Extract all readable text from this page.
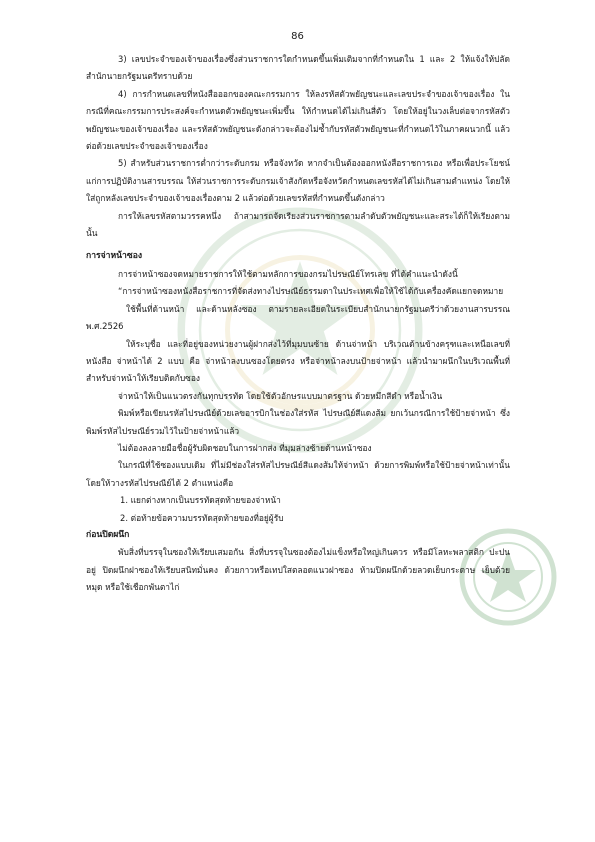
86

3) เลขประจำของเจ้าของเรื่องซึ่งส่วนราชการใดกำหนดขึ้นเพิ่มเติมจากที่กำหนดใน 1 และ 2 ให้แจ้งให้ปลัดสำนักนายกรัฐมนตรีทราบด้วย

4) การกำหนดเลขที่หนังสือออกของคณะกรรมการ ให้ลงรหัสตัวพยัญชนะและเลขประจำของเจ้าของเรื่อง ในกรณีที่คณะกรรมการประสงค์จะกำหนดตัวพยัญชนะเพิ่มขึ้น ให้กำหนดได้ไม่เกินสี่ตัว โดยให้อยู่ในวงเล็บต่อจากรหัสตัวพยัญชนะของเจ้าของเรื่อง และรหัสตัวพยัญชนะดังกล่าวจะต้องไม่ซ้ำกับรหัสตัวพยัญชนะที่กำหนดไว้ในภาคผนวกนี้ แล้วต่อด้วยเลขประจำของเจ้าของเรื่อง

5) สำหรับส่วนราชการต่ำกว่าระดับกรม หรือจังหวัด หากจำเป็นต้องออกหนังสือราชการเอง หรือเพื่อประโยชน์แก่การปฏิบัติงานสารบรรณ ให้ส่วนราชการระดับกรมเจ้าสังกัดหรือจังหวัดกำหนดเลขรหัสได้ไม่เกินสามตำแหน่ง โดยให้ใส่ถูกหลังเลขประจำของเจ้าของเรื่องตาม 2 แล้วต่อด้วยเลขรหัสที่กำหนดขึ้นดังกล่าว

การให้เลขรหัสตามวรรคหนึ่ง ถ้าสามารถจัดเรียงส่วนราชการตามลำดับตัวพยัญชนะและสระได้ก็ให้เรียงตามนั้น

การจ่าหน้าซอง

การจ่าหน้าซองจดหมายราชการให้ใช้ตามหลักการของกรมไปรษณีย์โทรเลข ที่ได้คำแนะนำดังนี้

“การจ่าหน้าซองหนังสือราชการที่จัดส่งทางไปรษณีย์ธรรมดาในประเทศเพื่อให้ใช้ได้กับเครื่องคัดแยกจดหมาย

ใช้พื้นที่ด้านหน้า และด้านหลังซอง ตามรายละเอียดในระเบียบสำนักนายกรัฐมนตรีว่าด้วยงานสารบรรณ พ.ศ.2526

ให้ระบุชื่อ และที่อยู่ของหน่วยงานผู้ฝากส่งไว้ที่มุมบนซ้าย ด้านจ่าหน้า บริเวณด้านข้างครุฑและเหนือเลขที่หนังสือ จ่าหน้าได้ 2 แบบ คือ จ่าหน้าลงบนซองโดยตรง หรือจ่าหน้าลงบนป้ายจ่าหน้า แล้วนำมาผนึกในบริเวณพื้นที่สำหรับจ่าหน้าให้เรียบติดกับซอง

จ่าหน้าให้เป็นแนวตรงกันทุกบรรทัด โดยใช้ตัวอักษรแบบมาตรฐาน ด้วยหมึกสีดำ หรือน้ำเงิน

พิมพ์หรือเขียนรหัสไปรษณีย์ด้วยเลขอารบิกในช่องใส่รหัส ไปรษณีย์สีแดงส้ม ยกเว้นกรณีการใช้ป้ายจ่าหน้า ซึ่งพิมพ์รหัสไปรษณีย์รวมไว้ในป้ายจ่าหน้าแล้ว

ไม่ต้องลงลายมือชื่อผู้รับผิดชอบในการฝากส่ง ที่มุมล่างซ้ายด้านหน้าซอง

ในกรณีที่ใช้ซองแบบเดิม ที่ไม่มีช่องใส่รหัสไปรษณีย์สีแดงส้มให้จ่าหน้า ด้วยการพิมพ์หรือใช้ป้ายจ่าหน้าเท่านั้น โดยให้วางรหัสไปรษณีย์ได้ 2 ตำแหน่งคือ

1. แยกต่างหากเป็นบรรทัดสุดท้ายของจ่าหน้า

2. ต่อท้ายข้อความบรรทัดสุดท้ายของที่อยู่ผู้รับ

ก่อนปิดผนึก

พับสิ่งที่บรรจุในซองให้เรียบเสมอกัน สิ่งที่บรรจุในซองต้องไม่แข็งหรือใหญ่เกินควร หรือมีโลหะพลาสติก ปะปนอยู่ ปิดผนึกฝาซองให้เรียบสนิทมั่นคง ด้วยกาวหรือเทปใสตลอดแนวฝาซอง ห้ามปิดผนึกด้วยลวดเย็บกระดาษ เย็บด้วยหมุด หรือใช้เชือกพันตาไก่
